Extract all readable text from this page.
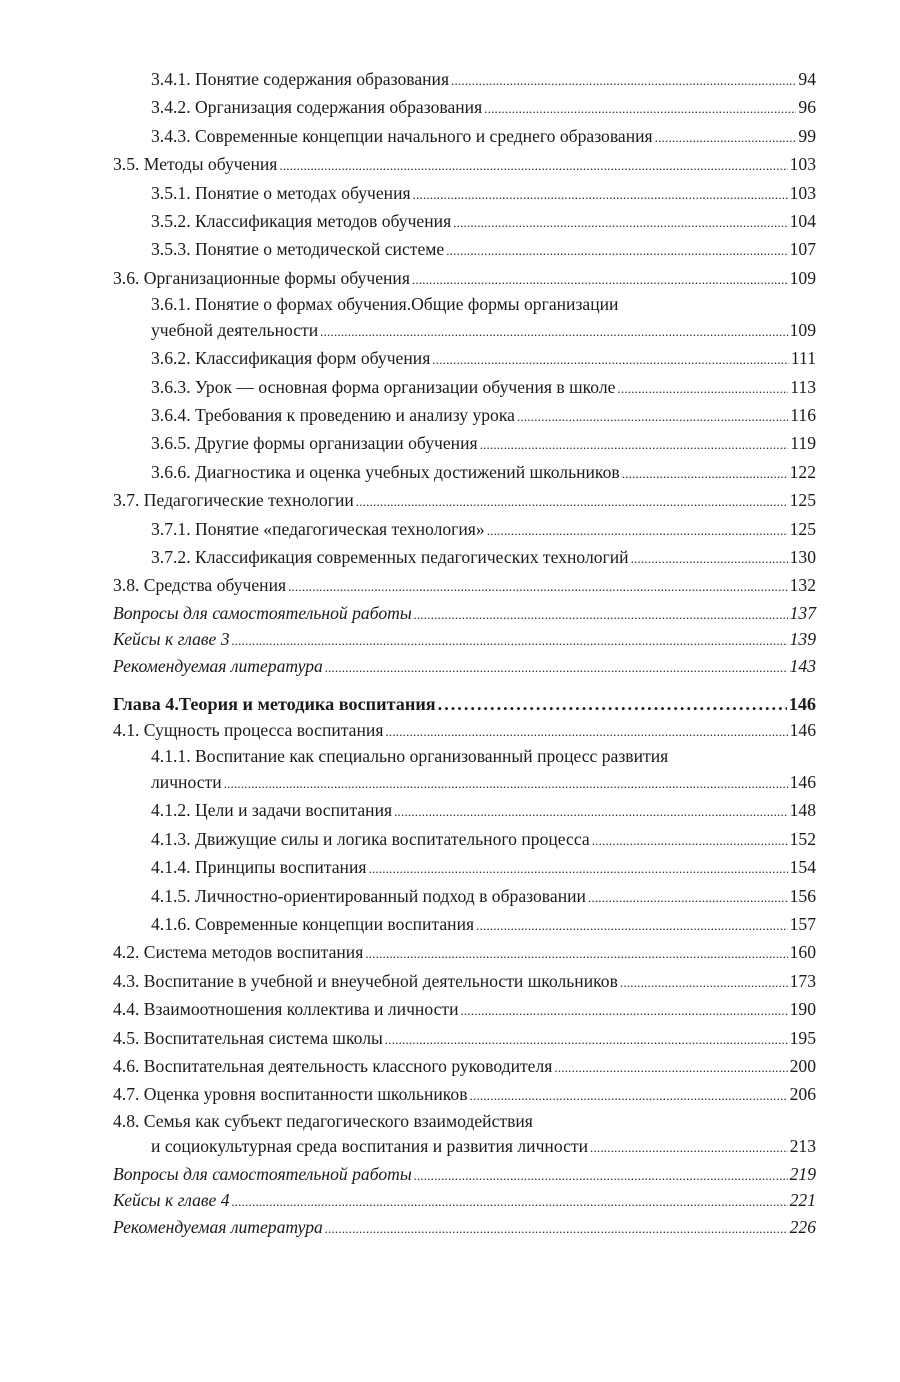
3.4.1. Понятие содержания образования .....	94
3.4.2. Организация содержания образования .....	96
3.4.3. Современные концепции начального и среднего образования .....	99
3.5. Методы обучения .....	103
3.5.1. Понятие о методах обучения .....	103
3.5.2. Классификация методов обучения .....	104
3.5.3. Понятие о методической системе .....	107
3.6. Организационные формы обучения .....	109
3.6.1. Понятие о формах обучения.Общие формы организации
учебной деятельности .....	109
3.6.2. Классификация форм обучения .....	111
3.6.3. Урок — основная форма организации обучения в школе .....	113
3.6.4. Требования к проведению и анализу урока .....	116
3.6.5. Другие формы организации обучения .....	119
3.6.6. Диагностика и оценка учебных достижений школьников .....	122
3.7. Педагогические технологии .....	125
3.7.1. Понятие «педагогическая технология» .....	125
3.7.2. Классификация современных педагогических технологий .....	130
3.8. Средства обучения .....	132
Вопросы для самостоятельной работы .....	137
Кейсы к главе 3 .....	139
Рекомендуемая литература .....	143
Глава 4.Теория и методика воспитания .....	146
4.1. Сущность процесса воспитания .....	146
4.1.1. Воспитание как специально организованный процесс развития
личности .....	146
4.1.2. Цели и задачи воспитания .....	148
4.1.3. Движущие силы и логика воспитательного процесса .....	152
4.1.4. Принципы воспитания .....	154
4.1.5. Личностно-ориентированный подход в образовании .....	156
4.1.6. Современные концепции воспитания .....	157
4.2. Система методов воспитания .....	160
4.3. Воспитание в учебной и внеучебной деятельности школьников .....	173
4.4. Взаимоотношения коллектива и личности .....	190
4.5. Воспитательная система школы .....	195
4.6. Воспитательная деятельность классного руководителя .....	200
4.7. Оценка уровня воспитанности школьников .....	206
4.8. Семья как субъект педагогического взаимодействия
и социокультурная среда воспитания и развития личности .....	213
Вопросы для самостоятельной работы .....	219
Кейсы к главе 4 .....	221
Рекомендуемая литература .....	226
